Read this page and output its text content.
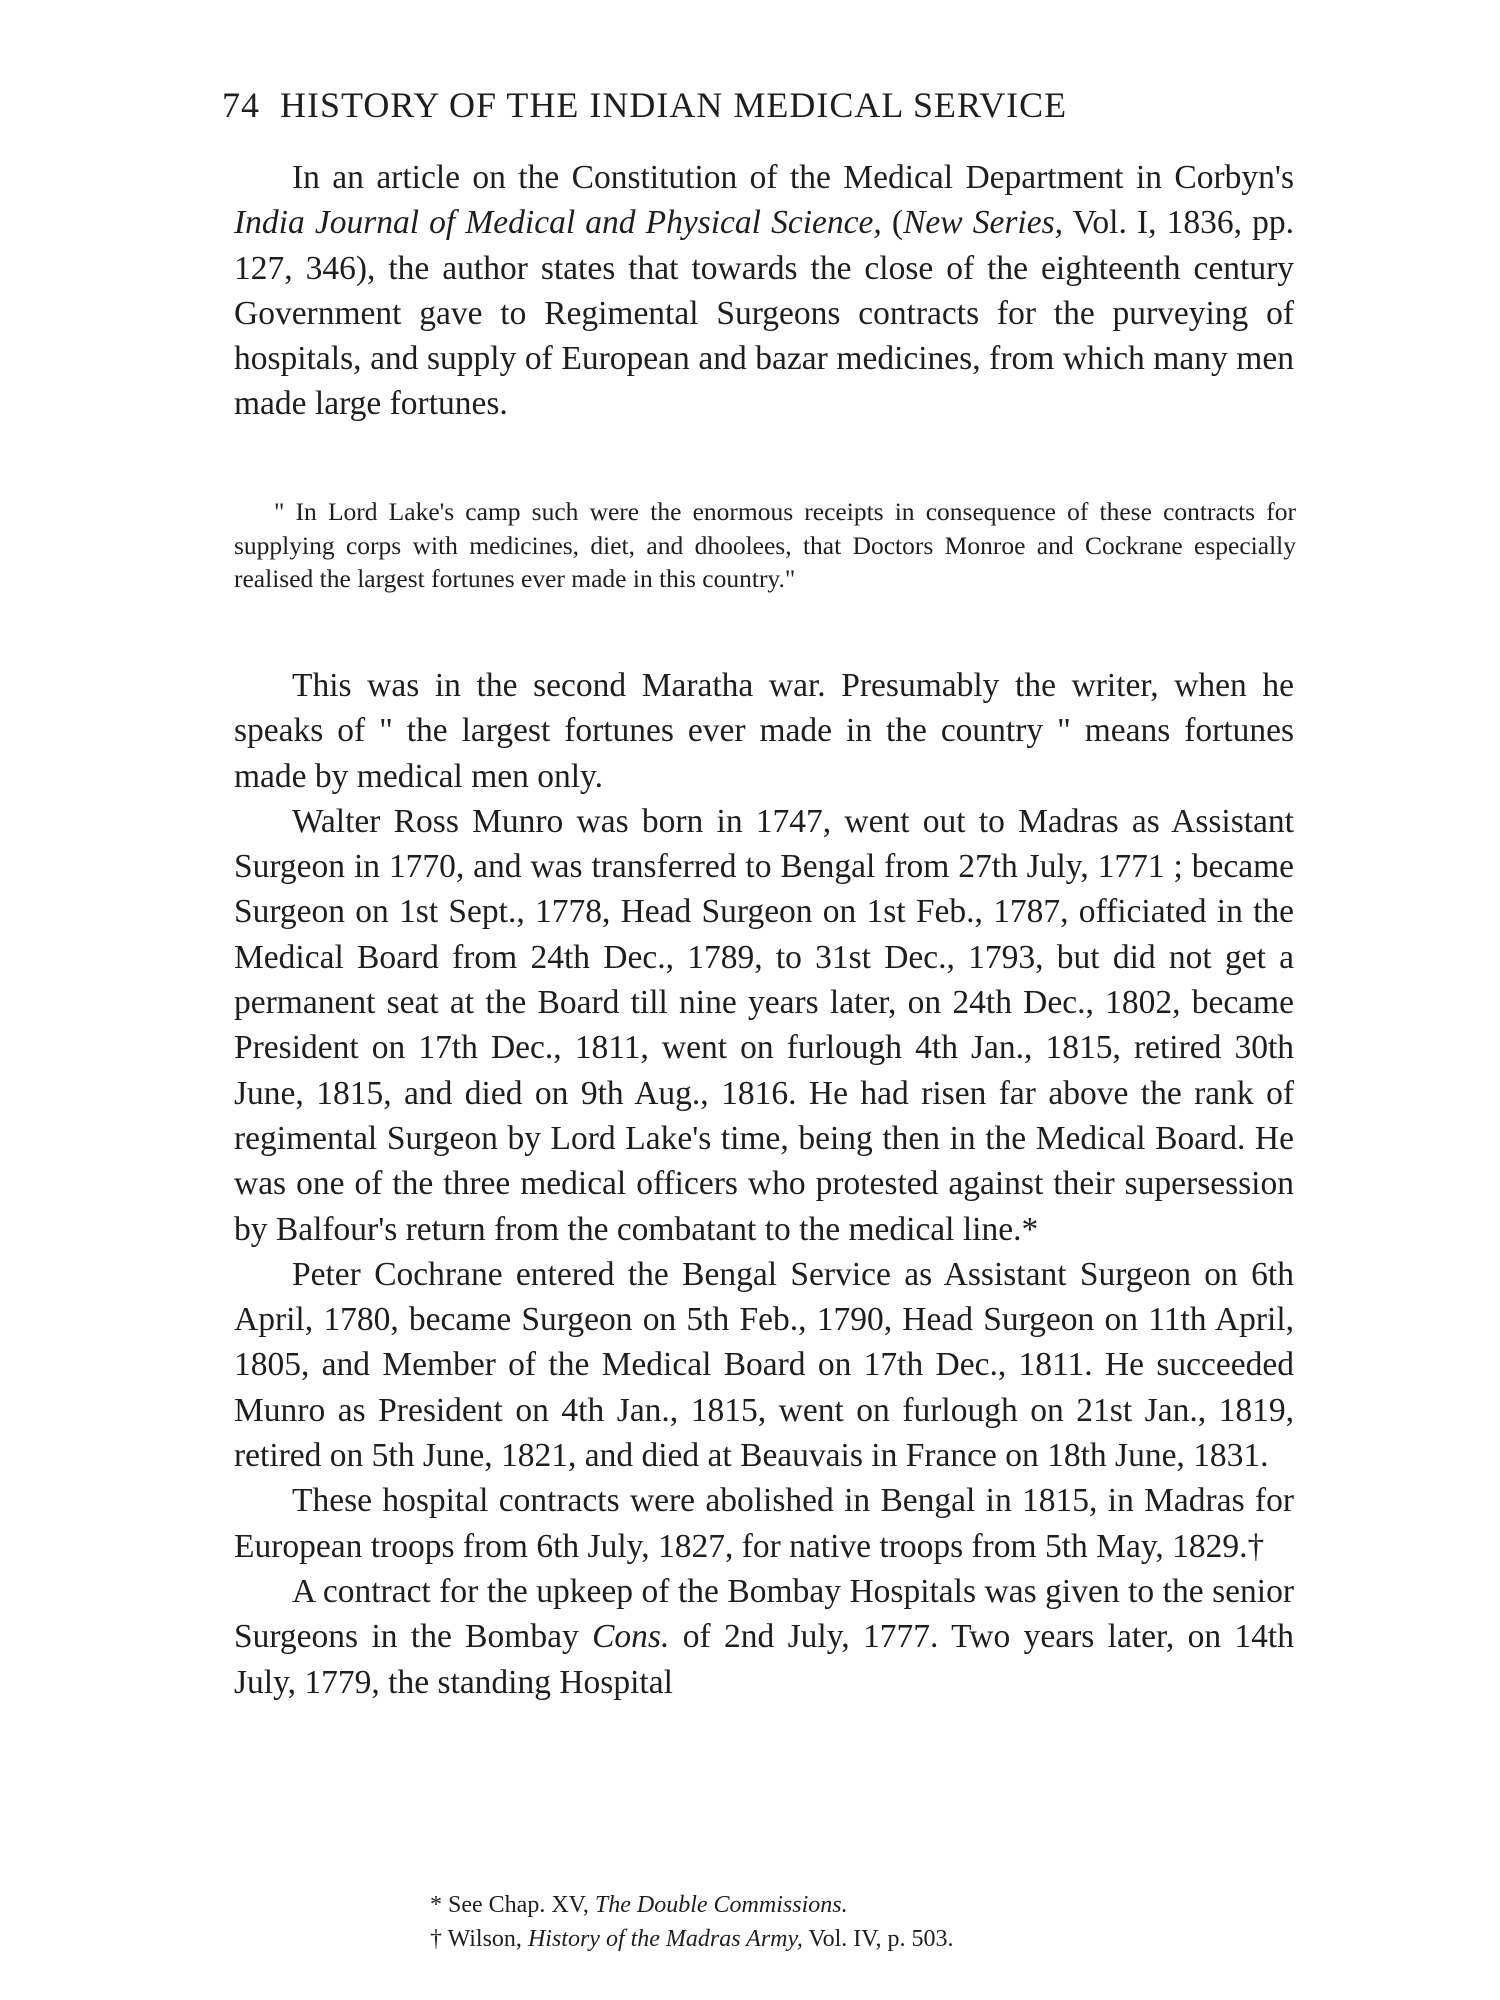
74 HISTORY OF THE INDIAN MEDICAL SERVICE

In an article on the Constitution of the Medical Department in Corbyn's India Journal of Medical and Physical Science, (New Series, Vol. I, 1836, pp. 127, 346), the author states that towards the close of the eighteenth century Government gave to Regimental Surgeons contracts for the purveying of hospitals, and supply of European and bazar medicines, from which many men made large fortunes.

" In Lord Lake's camp such were the enormous receipts in consequence of these contracts for supplying corps with medicines, diet, and dhoolees, that Doctors Monroe and Cockrane especially realised the largest fortunes ever made in this country."

This was in the second Maratha war. Presumably the writer, when he speaks of " the largest fortunes ever made in the country " means fortunes made by medical men only.

Walter Ross Munro was born in 1747, went out to Madras as Assistant Surgeon in 1770, and was transferred to Bengal from 27th July, 1771 ; became Surgeon on 1st Sept., 1778, Head Surgeon on 1st Feb., 1787, officiated in the Medical Board from 24th Dec., 1789, to 31st Dec., 1793, but did not get a permanent seat at the Board till nine years later, on 24th Dec., 1802, became President on 17th Dec., 1811, went on furlough 4th Jan., 1815, retired 30th June, 1815, and died on 9th Aug., 1816. He had risen far above the rank of regimental Surgeon by Lord Lake's time, being then in the Medical Board. He was one of the three medical officers who protested against their supersession by Balfour's return from the combatant to the medical line.*

Peter Cochrane entered the Bengal Service as Assistant Surgeon on 6th April, 1780, became Surgeon on 5th Feb., 1790, Head Surgeon on 11th April, 1805, and Member of the Medical Board on 17th Dec., 1811. He succeeded Munro as President on 4th Jan., 1815, went on furlough on 21st Jan., 1819, retired on 5th June, 1821, and died at Beauvais in France on 18th June, 1831.

These hospital contracts were abolished in Bengal in 1815, in Madras for European troops from 6th July, 1827, for native troops from 5th May, 1829.†

A contract for the upkeep of the Bombay Hospitals was given to the senior Surgeons in the Bombay Cons. of 2nd July, 1777. Two years later, on 14th July, 1779, the standing Hospital

* See Chap. XV, The Double Commissions.
† Wilson, History of the Madras Army, Vol. IV, p. 503.
